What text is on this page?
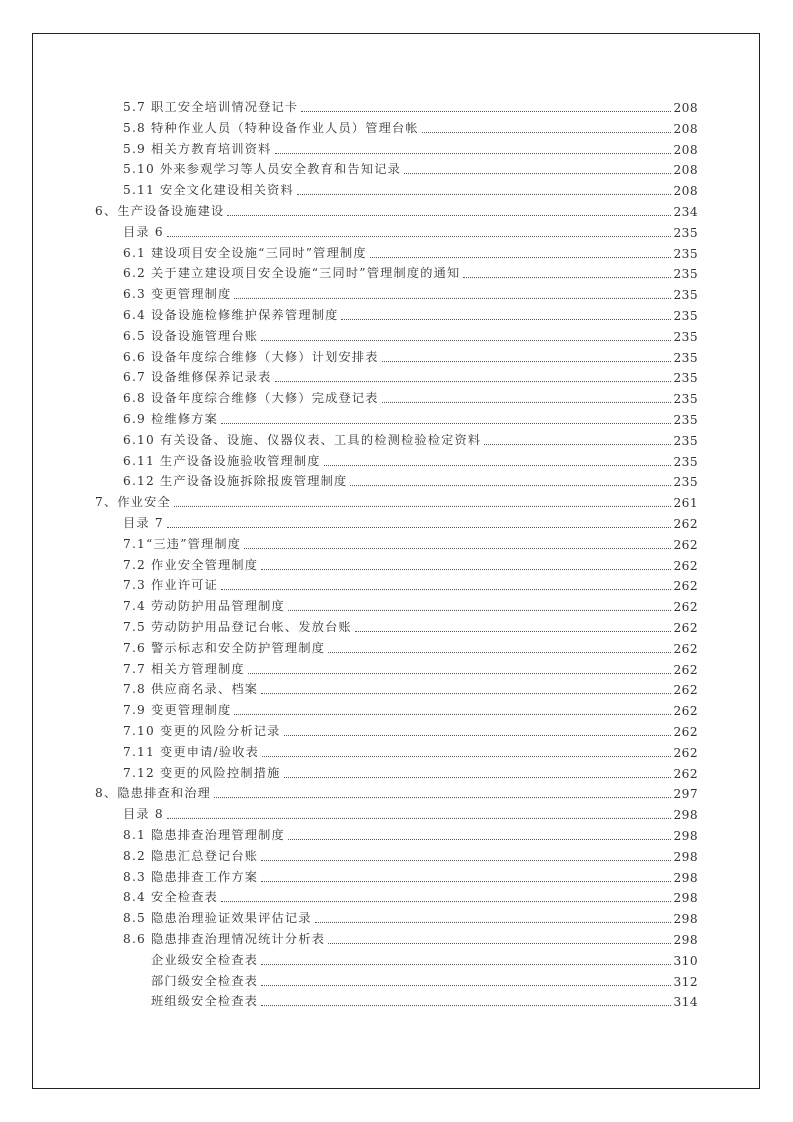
5.7 职工安全培训情况登记卡	208
5.8 特种作业人员（特种设备作业人员）管理台帐	208
5.9 相关方教育培训资料	208
5.10 外来参观学习等人员安全教育和告知记录	208
5.11 安全文化建设相关资料	208
6、生产设备设施建设	234
目录 6	235
6.1 建设项目安全设施“三同时”管理制度	235
6.2 关于建立建设项目安全设施“三同时”管理制度的通知	235
6.3 变更管理制度	235
6.4 设备设施检修维护保养管理制度	235
6.5 设备设施管理台账	235
6.6 设备年度综合维修（大修）计划安排表	235
6.7 设备维修保养记录表	235
6.8 设备年度综合维修（大修）完成登记表	235
6.9 检维修方案	235
6.10 有关设备、设施、仪器仪表、工具的检测检验检定资料	235
6.11 生产设备设施验收管理制度	235
6.12 生产设备设施拆除报废管理制度	235
7、作业安全	261
目录 7	262
7.1“三违”管理制度	262
7.2 作业安全管理制度	262
7.3 作业许可证	262
7.4 劳动防护用品管理制度	262
7.5 劳动防护用品登记台帐、发放台账	262
7.6 警示标志和安全防护管理制度	262
7.7 相关方管理制度	262
7.8 供应商名录、档案	262
7.9 变更管理制度	262
7.10 变更的风险分析记录	262
7.11 变更申请/验收表	262
7.12 变更的风险控制措施	262
8、隐患排查和治理	297
目录 8	298
8.1 隐患排查治理管理制度	298
8.2 隐患汇总登记台账	298
8.3 隐患排查工作方案	298
8.4 安全检查表	298
8.5 隐患治理验证效果评估记录	298
8.6 隐患排查治理情况统计分析表	298
企业级安全检查表	310
部门级安全检查表	312
班组级安全检查表	314
